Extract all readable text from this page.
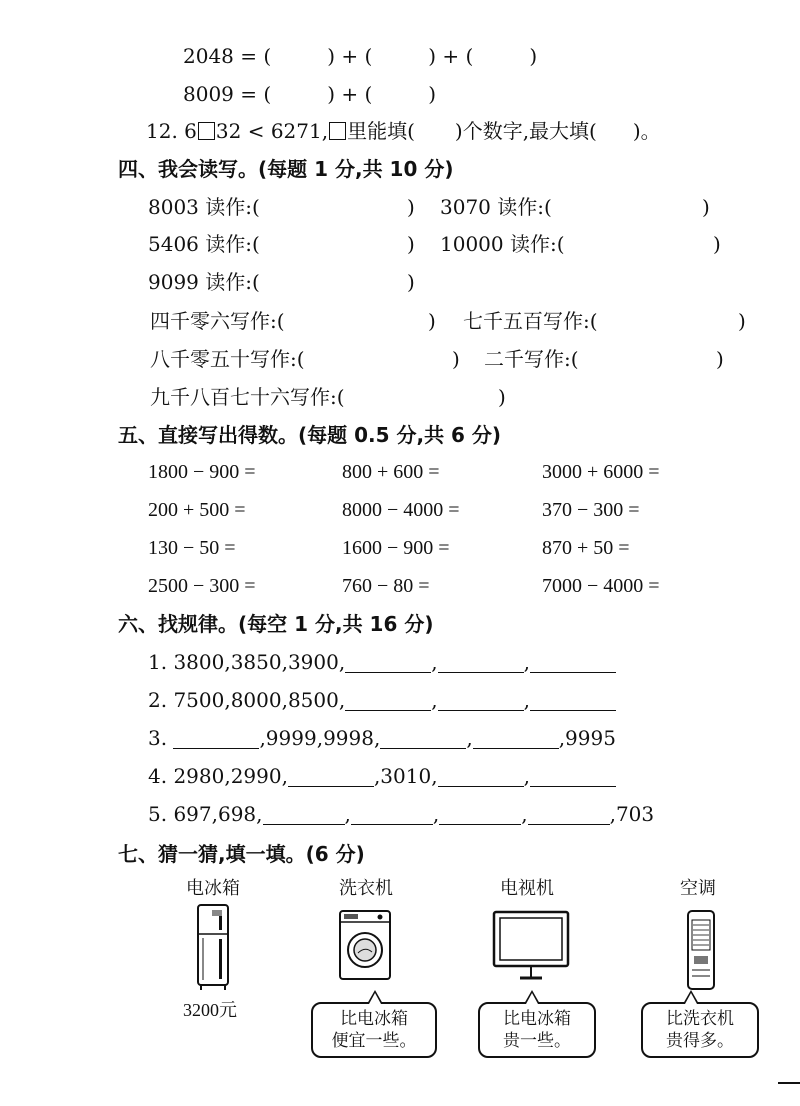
2048 = (	) + (	) + (	)
8009 = (	) + (	)
12. 6 32 < 6271, 里能填( )个数字,最大填( )。
四、我会读写。(每题 1 分,共 10 分)
8003 读作:(	) 3070 读作:(	)
5406 读作:(	) 10000 读作:(	)
9099 读作:(	)
四千零六写作:(	) 七千五百写作:(	)
八千零五十写作:(	) 二千写作:(	)
九千八百七十六写作:(	)
五、直接写出得数。(每题 0.5 分,共 6 分)
1800 − 900 =	800 + 600 =	3000 + 6000 =
200 + 500 =	8000 − 4000 =	370 − 300 =
130 − 50 =	1600 − 900 =	870 + 50 =
2500 − 300 =	760 − 80 =	7000 − 4000 =
六、找规律。(每空 1 分,共 16 分)
1. 3800,3850,3900,	,	,
2. 7500,8000,8500,	,	,
3.	,9999,9998,	,	,9995
4. 2980,2990,	,3010,	,
5. 697,698,	,	,	,	,703
七、猜一猜,填一填。(6 分)
电冰箱	洗衣机	电视机	空调
3200元	比电冰箱
便宜一些。
比电冰箱
贵一些。
比洗衣机
贵得多。
